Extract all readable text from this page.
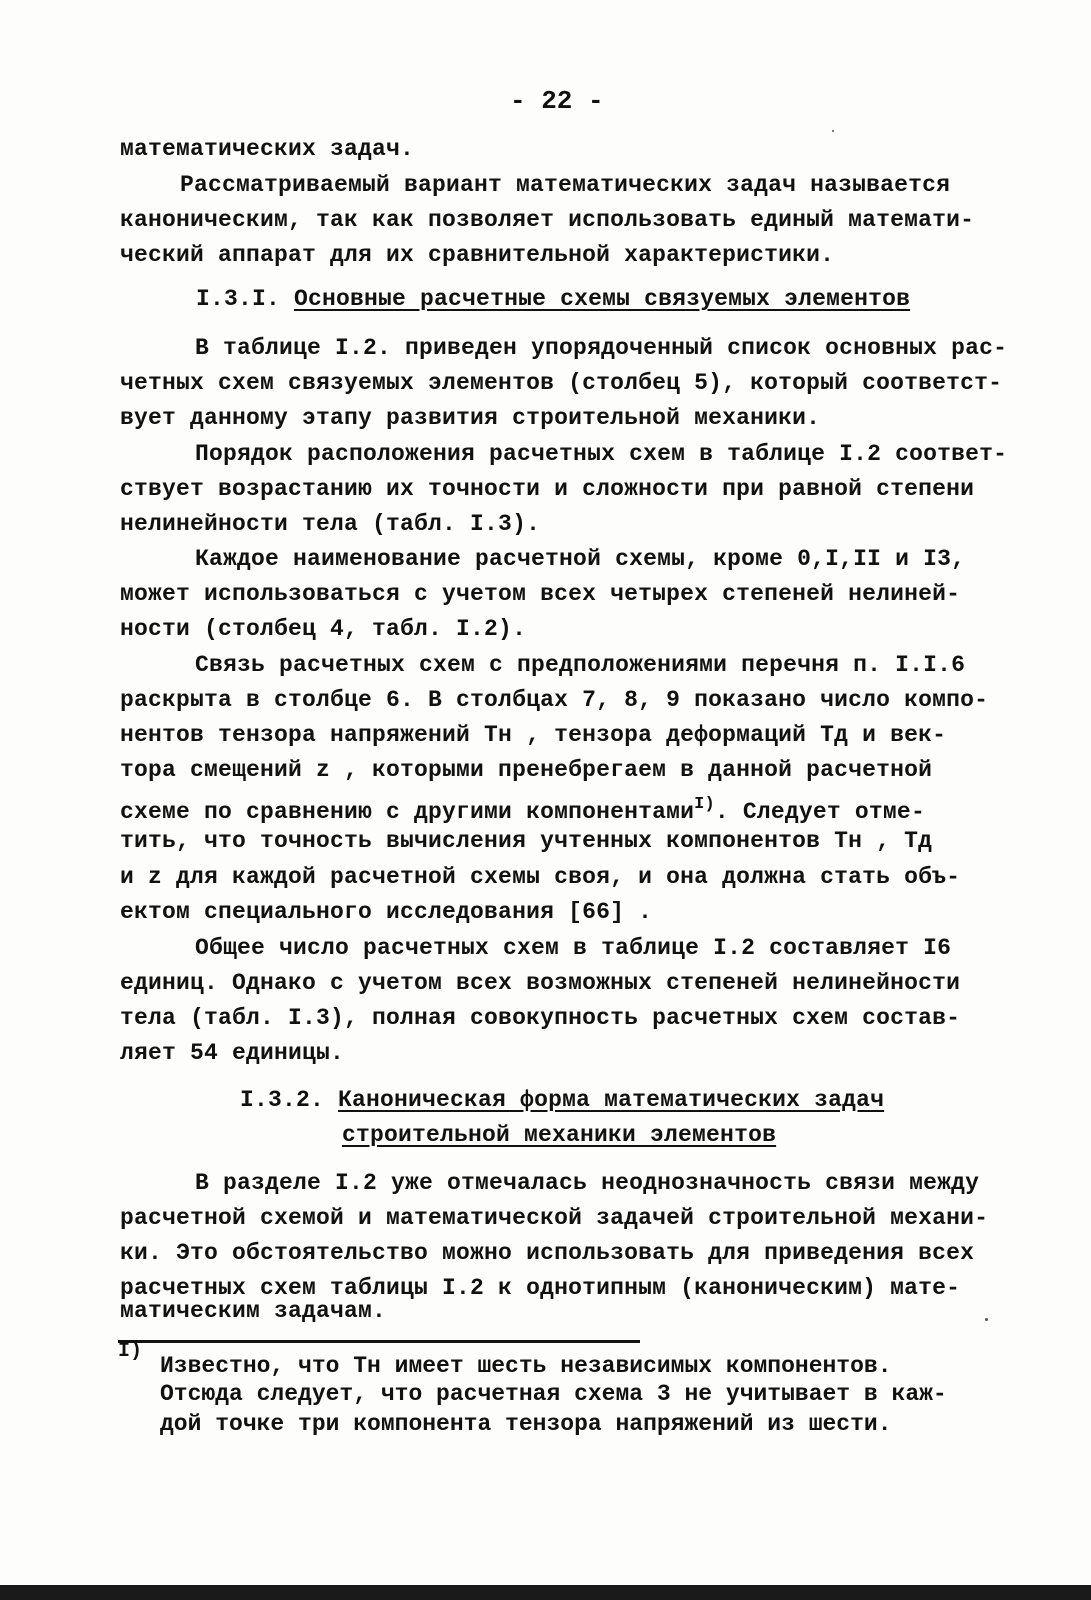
- 22 -
математических задач.
Рассматриваемый вариант математических задач называется
каноническим, так как позволяет использовать единый математи-
ческий аппарат для их сравнительной характеристики.
I.3.I. Основные расчетные схемы связуемых элементов
В таблице I.2. приведен упорядоченный список основных рас-
четных схем связуемых элементов (столбец 5), который соответст-
вует данному этапу развития строительной механики.
Порядок расположения расчетных схем в таблице I.2 соответ-
ствует возрастанию их точности и сложности при равной степени
нелинейности тела (табл. I.3).
Каждое наименование расчетной схемы, кроме 0,I,II и I3,
может использоваться с учетом всех четырех степеней нелиней-
ности (столбец 4, табл. I.2).
Связь расчетных схем с предположениями перечня п. I.I.6
раскрыта в столбце 6. В столбцах 7, 8, 9 показано число компо-
нентов тензора напряжений Tн , тензора деформаций Tд и век-
тора смещений z , которыми пренебрегаем в данной расчетной
схеме по сравнению с другими компонентами$^{I)}$. Следует отме-
тить, что точность вычисления учтенных компонентов Tн , Tд
и z для каждой расчетной схемы своя, и она должна стать объ-
ектом специального исследования [66] .
Общее число расчетных схем в таблице I.2 составляет I6
единиц. Однако с учетом всех возможных степеней нелинейности
тела (табл. I.3), полная совокупность расчетных схем состав-
ляет 54 единицы.
I.3.2. Каноническая форма математических задач
строительной механики элементов
В разделе I.2 уже отмечалась неоднозначность связи между
расчетной схемой и математической задачей строительной механи-
ки. Это обстоятельство можно использовать для приведения всех
расчетных схем таблицы I.2 к однотипным (каноническим) мате-
матическим задачам.
I)
Известно, что Tн имеет шесть независимых компонентов.
Отсюда следует, что расчетная схема 3 не учитывает в каж-
дой точке три компонента тензора напряжений из шести.
